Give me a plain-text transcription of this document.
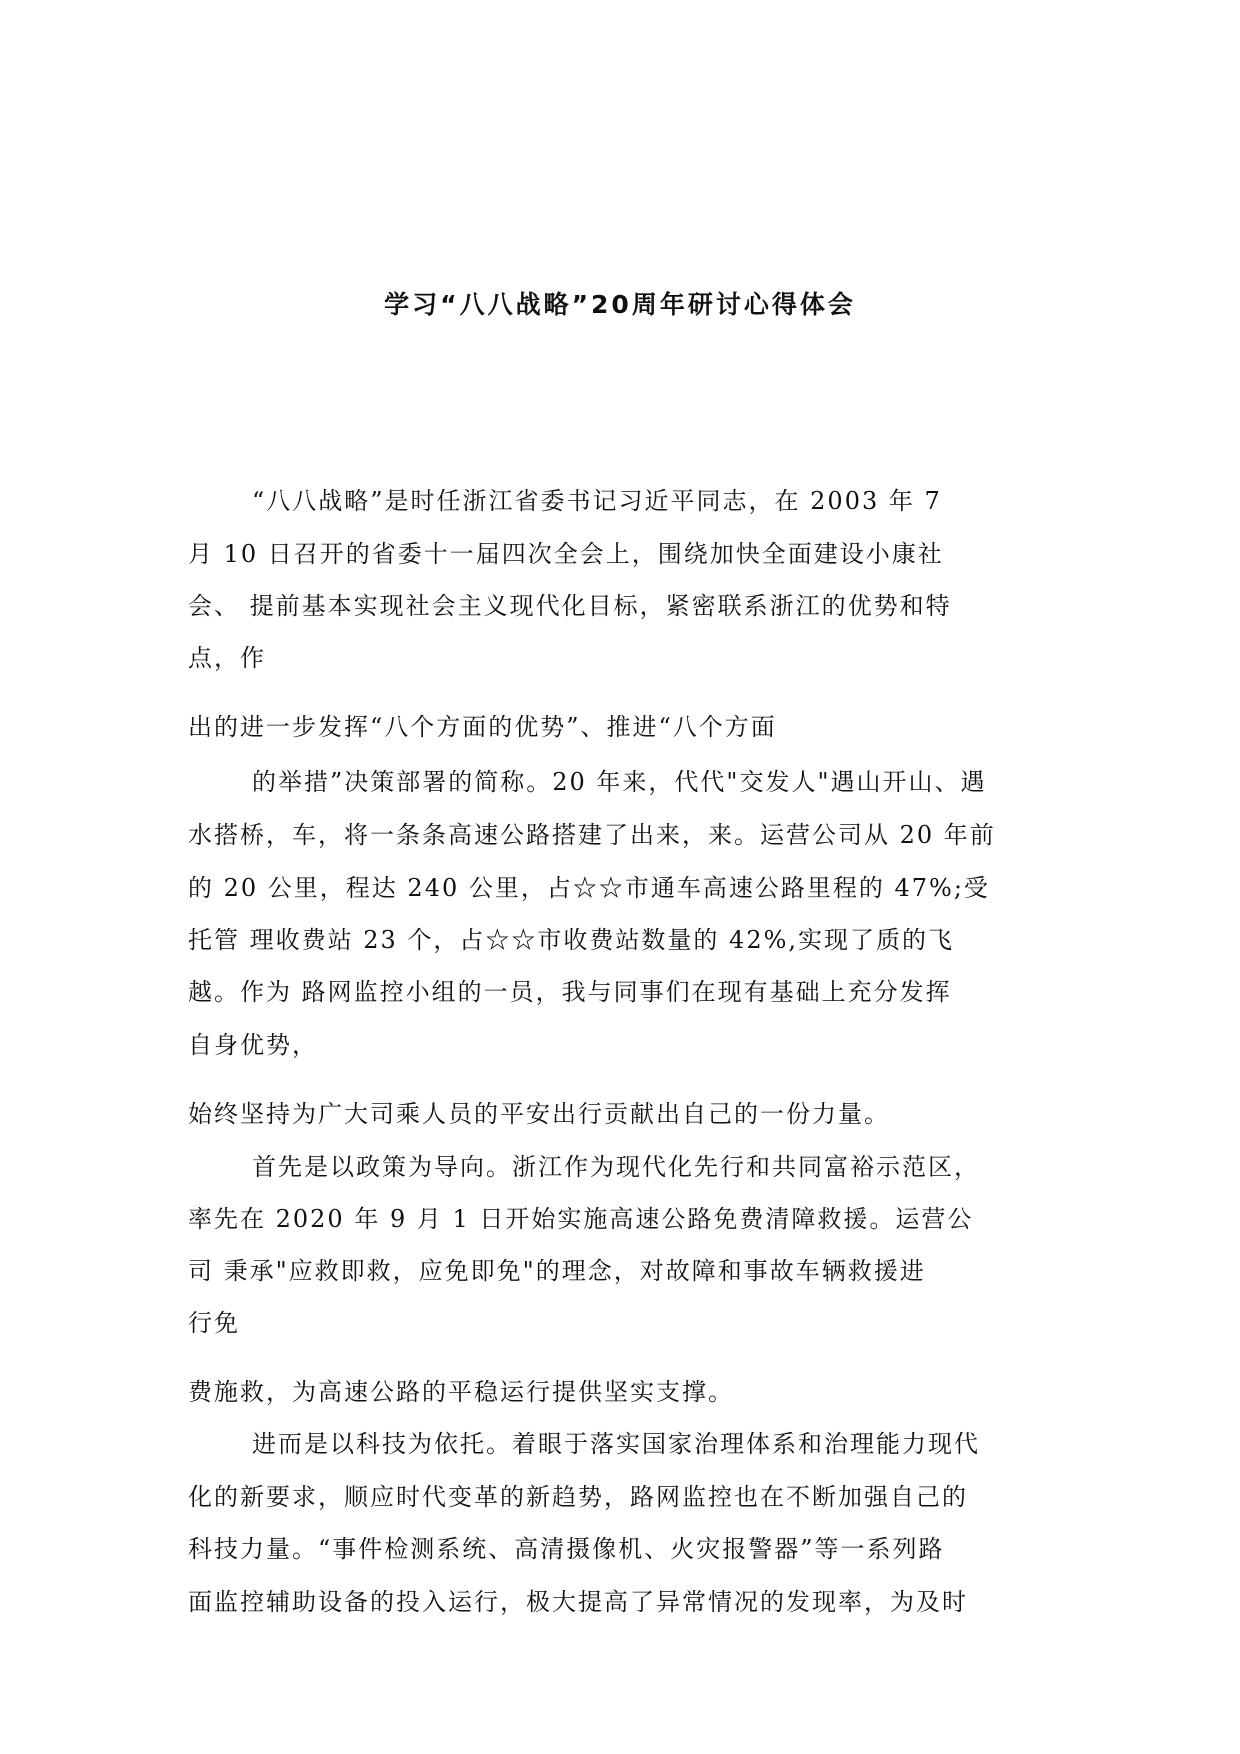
学习“八八战略”20周年研讨心得体会
“八八战略”是时任浙江省委书记习近平同志，在 2003 年 7
月 10 日召开的省委十一届四次全会上，围绕加快全面建设小康社
会、 提前基本实现社会主义现代化目标，紧密联系浙江的优势和特
点，作
出的进一步发挥“八个方面的优势”、推进“八个方面
的举措”决策部署的简称。20 年来，代代"交发人"遇山开山、遇
水搭桥，车，将一条条高速公路搭建了出来，来。运营公司从 20 年前
的 20 公里，程达 240 公里，占☆☆市通车高速公路里程的 47%;受
托管 理收费站 23 个，占☆☆市收费站数量的 42%,实现了质的飞
越。作为 路网监控小组的一员，我与同事们在现有基础上充分发挥
自身优势，
始终坚持为广大司乘人员的平安出行贡献出自己的一份力量。
首先是以政策为导向。浙江作为现代化先行和共同富裕示范区，
率先在 2020 年 9 月 1 日开始实施高速公路免费清障救援。运营公
司 秉承"应救即救，应免即免"的理念，对故障和事故车辆救援进
行免
费施救，为高速公路的平稳运行提供坚实支撑。
进而是以科技为依托。着眼于落实国家治理体系和治理能力现代
化的新要求，顺应时代变革的新趋势，路网监控也在不断加强自己的
科技力量。“事件检测系统、高清摄像机、火灾报警器”等一系列路
面监控辅助设备的投入运行，极大提高了异常情况的发现率，为及时
